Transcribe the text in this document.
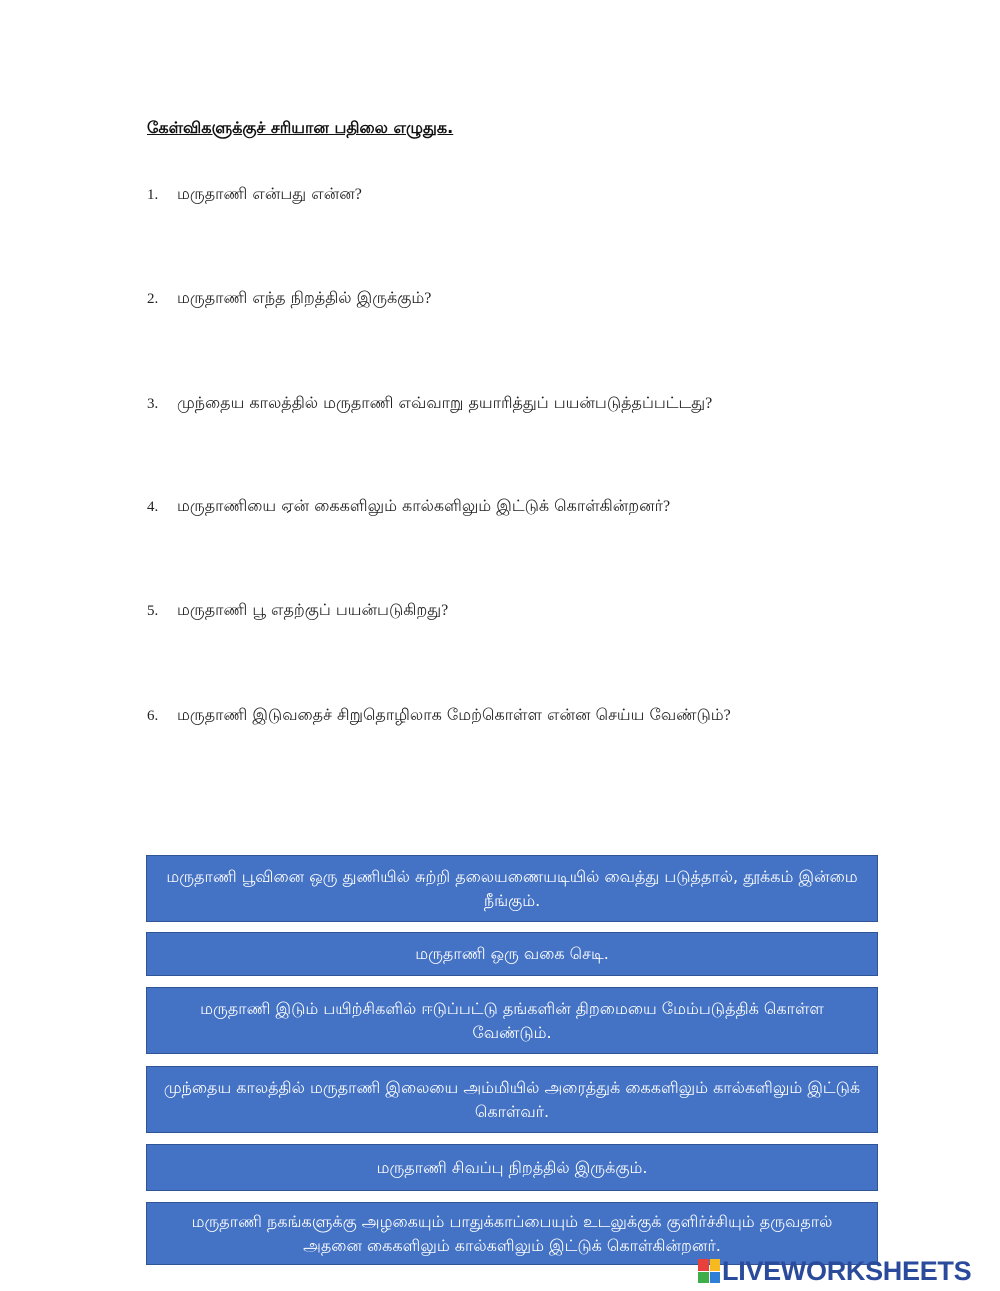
கேள்விகளுக்குச் சரியான பதிலை எழுதுக.
1. மருதாணி என்பது என்ன?
2. மருதாணி எந்த நிறத்தில் இருக்கும்?
3. முந்தைய காலத்தில் மருதாணி எவ்வாறு தயாரித்துப் பயன்படுத்தப்பட்டது?
4. மருதாணியை ஏன் கைகளிலும் கால்களிலும் இட்டுக் கொள்கின்றனர்?
5. மருதாணி பூ எதற்குப் பயன்படுகிறது?
6. மருதாணி இடுவதைச் சிறுதொழிலாக மேற்கொள்ள என்ன செய்ய வேண்டும்?
மருதாணி பூவினை ஒரு துணியில் சுற்றி தலையணையடியில் வைத்து படுத்தால், தூக்கம் இன்மை நீங்கும்.
மருதாணி ஒரு வகை செடி.
மருதாணி இடும் பயிற்சிகளில் ஈடுப்பட்டு தங்களின் திறமையை மேம்படுத்திக் கொள்ள வேண்டும்.
முந்தைய காலத்தில் மருதாணி இலையை அம்மியில் அரைத்துக் கைகளிலும் கால்களிலும் இட்டுக் கொள்வர்.
மருதாணி சிவப்பு நிறத்தில் இருக்கும்.
மருதாணி நகங்களுக்கு அழகையும் பாதுக்காப்பையும் உடலுக்குக் குளிர்ச்சியும் தருவதால் அதனை கைகளிலும் கால்களிலும் இட்டுக் கொள்கின்றனர்.
LIVEWORKSHEETS
